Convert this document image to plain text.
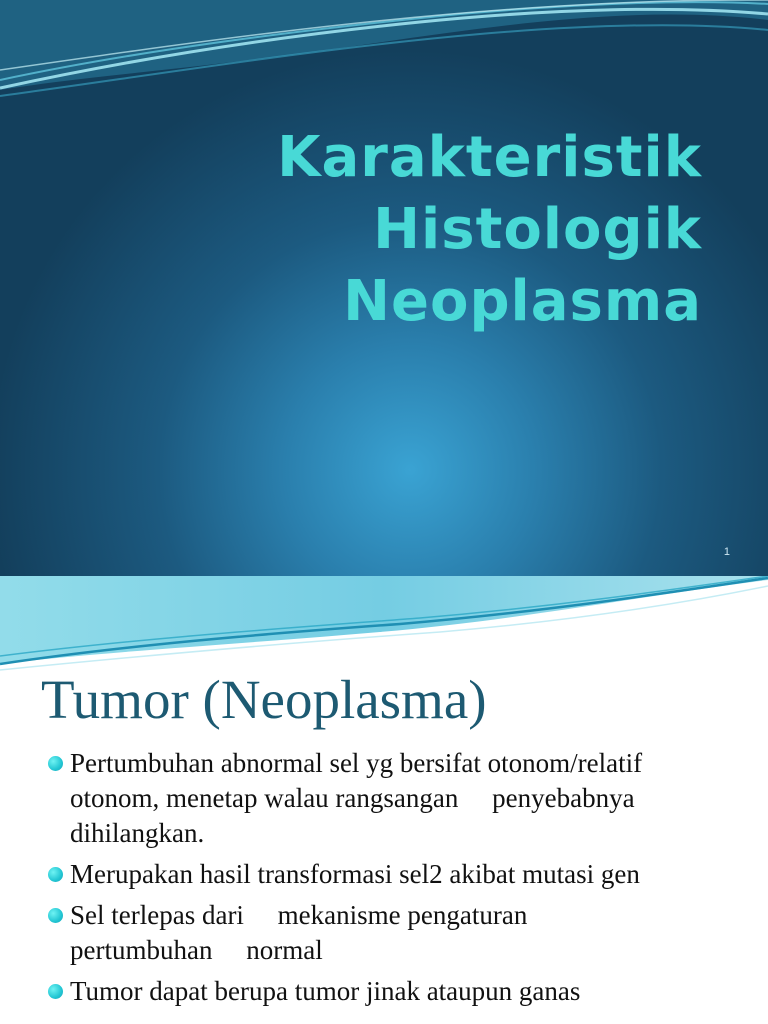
Karakteristik
Histologik
Neoplasma
1
Tumor (Neoplasma)
Pertumbuhan abnormal sel yg bersifat otonom/relatif
otonom, menetap walau rangsangan     penyebabnya
dihilangkan.
Merupakan hasil transformasi sel2 akibat mutasi gen
Sel terlepas dari     mekanisme pengaturan
pertumbuhan     normal
Tumor dapat berupa tumor jinak ataupun ganas
